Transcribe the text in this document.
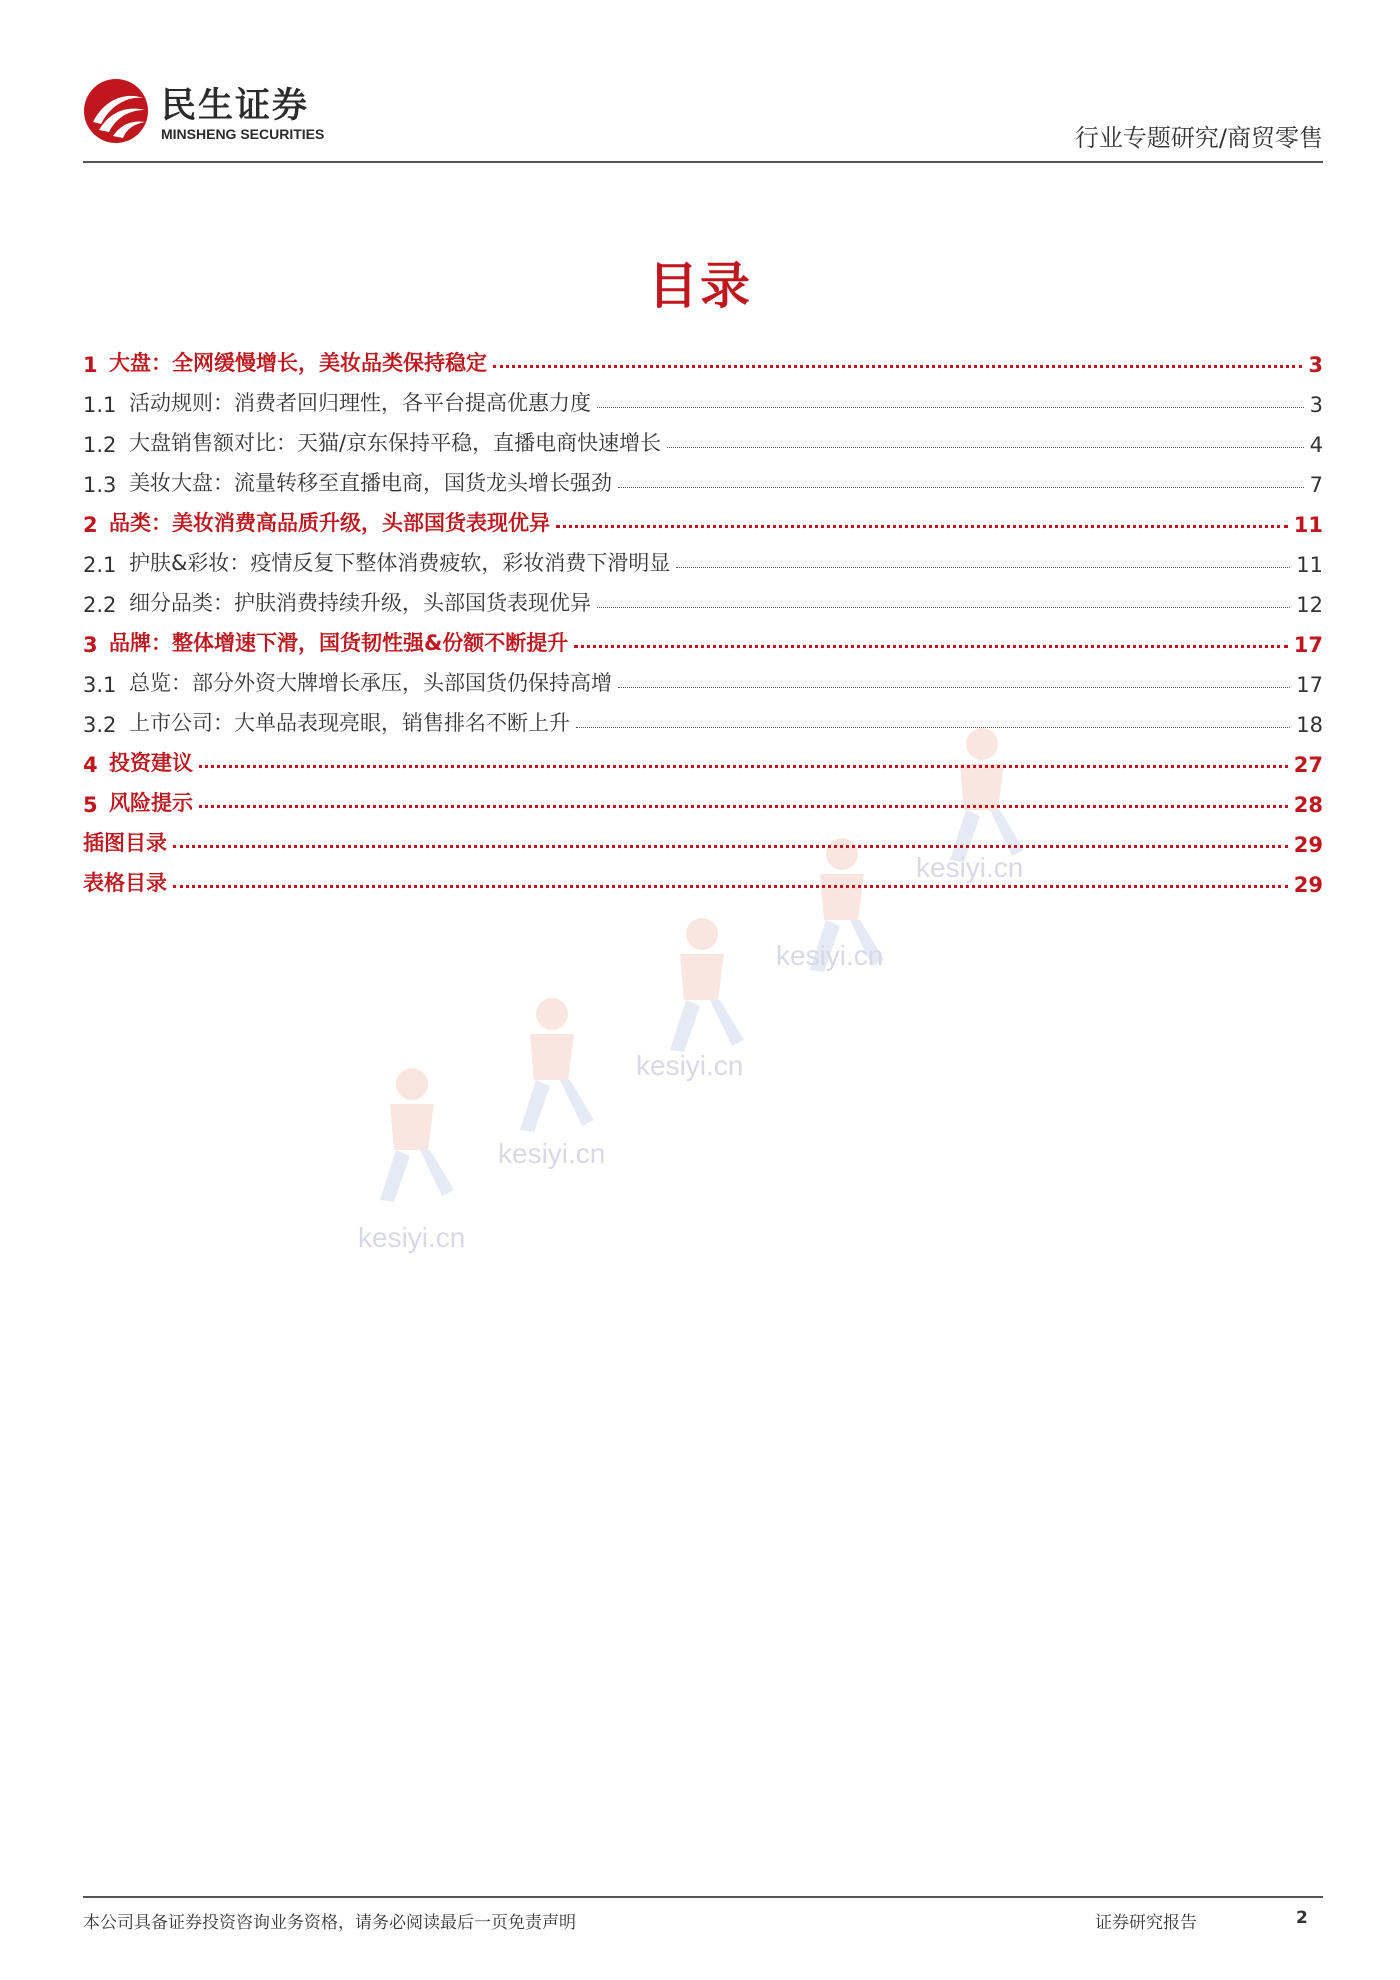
民生证券
MINSHENG SECURITIES	行业专题研究/商贸零售
目录
kesiyi.cn
kesiyi.cn
kesiyi.cn
kesiyi.cn
kesiyi.cn
1 大盘：全网缓慢增长，美妆品类保持稳定	3
1.1 活动规则：消费者回归理性，各平台提高优惠力度	3
1.2 大盘销售额对比：天猫/京东保持平稳，直播电商快速增长	4
1.3 美妆大盘：流量转移至直播电商，国货龙头增长强劲	7
2 品类：美妆消费高品质升级，头部国货表现优异	11
2.1 护肤&彩妆：疫情反复下整体消费疲软，彩妆消费下滑明显	11
2.2 细分品类：护肤消费持续升级，头部国货表现优异	12
3 品牌：整体增速下滑，国货韧性强&份额不断提升	17
3.1 总览：部分外资大牌增长承压，头部国货仍保持高增	17
3.2 上市公司：大单品表现亮眼，销售排名不断上升	18
4 投资建议	27
5 风险提示	28
插图目录	29
表格目录	29
本公司具备证券投资咨询业务资格，请务必阅读最后一页免责声明	证券研究报告	2
